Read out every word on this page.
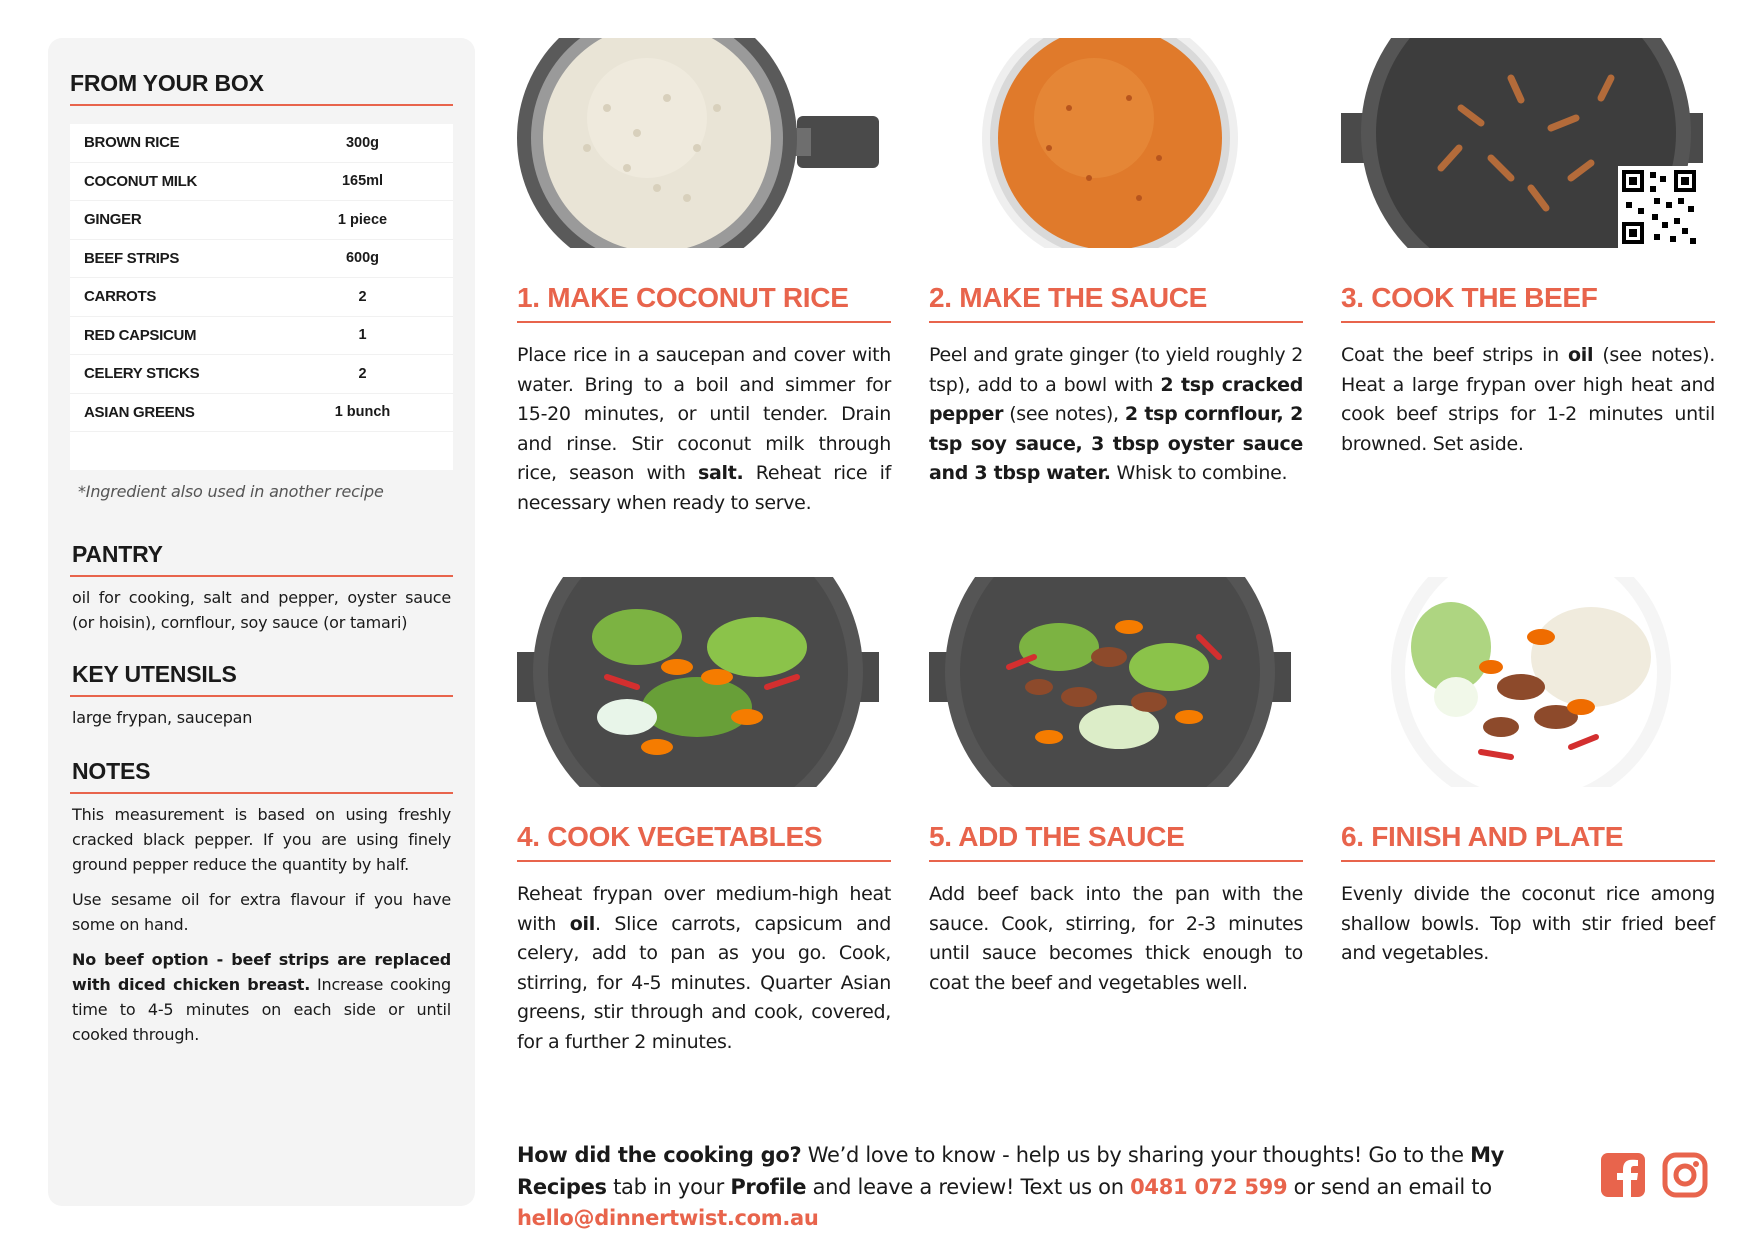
FROM YOUR BOX
BROWN RICE	300g
COCONUT MILK	165ml
GINGER	1 piece
BEEF STRIPS	600g
CARROTS	2
RED CAPSICUM	1
CELERY STICKS	2
ASIAN GREENS	1 bunch
*Ingredient also used in another recipe
PANTRY
oil for cooking, salt and pepper, oyster sauce (or hoisin), cornflour, soy sauce (or tamari)
KEY UTENSILS
large frypan, saucepan
NOTES
This measurement is based on using freshly cracked black pepper. If you are using finely ground pepper reduce the quantity by half.
Use sesame oil for extra flavour if you have some on hand.
No beef option - beef strips are replaced with diced chicken breast. Increase cooking time to 4-5 minutes on each side or until cooked through.
1. MAKE COCONUT RICE
Place rice in a saucepan and cover with water. Bring to a boil and simmer for 15-20 minutes, or until tender. Drain and rinse. Stir coconut milk through rice, season with salt. Reheat rice if necessary when ready to serve.
2. MAKE THE SAUCE
Peel and grate ginger (to yield roughly 2 tsp), add to a bowl with 2 tsp cracked pepper (see notes), 2 tsp cornflour, 2 tsp soy sauce, 3 tbsp oyster sauce and 3 tbsp water. Whisk to combine.
3. COOK THE BEEF
Coat the beef strips in oil (see notes). Heat a large frypan over high heat and cook beef strips for 1-2 minutes until browned. Set aside.
4. COOK VEGETABLES
Reheat frypan over medium-high heat with oil. Slice carrots, capsicum and celery, add to pan as you go. Cook, stirring, for 4-5 minutes. Quarter Asian greens, stir through and cook, covered, for a further 2 minutes.
5. ADD THE SAUCE
Add beef back into the pan with the sauce. Cook, stirring, for 2-3 minutes until sauce becomes thick enough to coat the beef and vegetables well.
6. FINISH AND PLATE
Evenly divide the coconut rice among shallow bowls. Top with stir fried beef and vegetables.
How did the cooking go? We’d love to know - help us by sharing your thoughts! Go to the My Recipes tab in your Profile and leave a review! Text us on 0481 072 599 or send an email to hello@dinnertwist.com.au
